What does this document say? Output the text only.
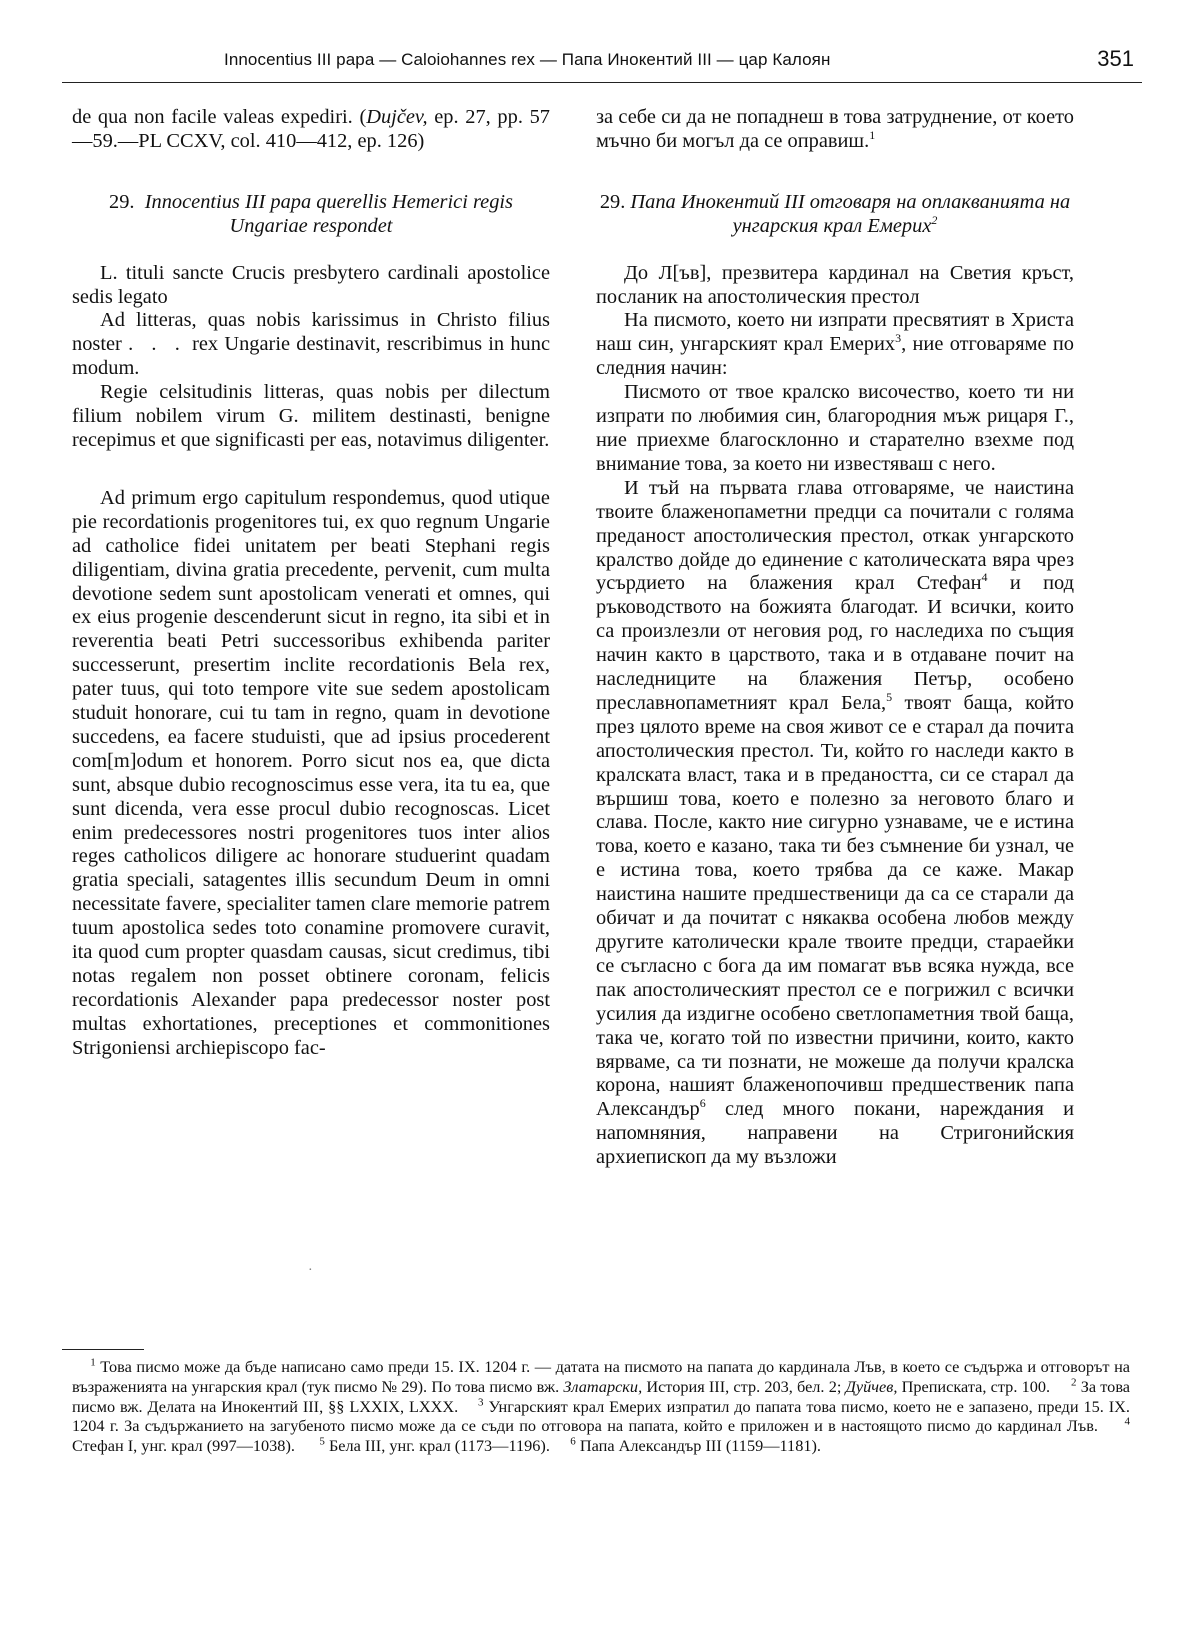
Innocentius III papa — Caloiohannes rex — Папа Инокентий III — цар Калоян	351

de qua non facile valeas expediri. (Dujčev, ep. 27, pp. 57—59.—PL CCXV, col. 410—412, ep. 126)

29. Innocentius III papa querellis Hemerici regis Ungariae respondet

L. tituli sancte Crucis presbytero cardinali apostolice sedis legato

Ad litteras, quas nobis karissimus in Christo filius noster . . . rex Ungarie destinavit, rescribimus in hunc modum.

Regie celsitudinis litteras, quas nobis per dilectum filium nobilem virum G. militem destinasti, benigne recepimus et que significasti per eas, notavimus diligenter.

Ad primum ergo capitulum respondemus, quod utique pie recordationis progenitores tui, ex quo regnum Ungarie ad catholice fidei unitatem per beati Stephani regis diligentiam, divina gratia precedente, pervenit, cum multa devotione sedem sunt apostolicam venerati et omnes, qui ex eius progenie descenderunt sicut in regno, ita sibi et in reverentia beati Petri successoribus exhibenda pariter successerunt, presertim inclite recordationis Bela rex, pater tuus, qui toto tempore vite sue sedem apostolicam studuit honorare, cui tu tam in regno, quam in devotione succedens, ea facere studuisti, que ad ipsius procederent com[m]odum et honorem. Porro sicut nos ea, que dicta sunt, absque dubio recognoscimus esse vera, ita tu ea, que sunt dicenda, vera esse procul dubio recognoscas. Licet enim predecessores nostri progenitores tuos inter alios reges catholicos diligere ac honorare studuerint quadam gratia speciali, satagentes illis secundum Deum in omni necessitate favere, specialiter tamen clare memorie patrem tuum apostolica sedes toto conamine promovere curavit, ita quod cum propter quasdam causas, sicut credimus, tibi notas regalem non posset obtinere coronam, felicis recordationis Alexander papa predecessor noster post multas exhortationes, preceptiones et commonitiones Strigoniensi archiepiscopo fac-

·

за себе си да не попаднеш в това затруднение, от което мъчно би могъл да се оправиш.$^1$

29. Папа Инокентий III отговаря на оплакванията на унгарския крал Емерих$^2$

До Л[ъв], презвитера кардинал на Светия кръст, посланик на апостолическия престол

На писмото, което ни изпрати пресвятият в Христа наш син, унгарският крал Емерих$^3$, ние отговаряме по следния начин:

Писмото от твое кралско височество, което ти ни изпрати по любимия син, благородния мъж рицаря Г., ние приехме благосклонно и старателно взехме под внимание това, за което ни известяваш с него.

И тъй на първата глава отговаряме, че наистина твоите блаженопаметни предци са почитали с голяма преданост апостолическия престол, откак унгарското кралство дойде до единение с католическата вяра чрез усърдието на блажения крал Стефан$^4$ и под ръководството на божията благодат. И всички, които са произлезли от неговия род, го наследиха по същия начин както в царството, така и в отдаване почит на наследниците на блажения Петър, особено преславнопаметният крал Бела,$^5$ твоят баща, който през цялото време на своя живот се е старал да почита апостолическия престол. Ти, който го наследи както в кралската власт, така и в предаността, си се старал да вършиш това, което е полезно за неговото благо и слава. После, както ние сигурно узнаваме, че е истина това, което е казано, така ти без съмнение би узнал, че е истина това, което трябва да се каже. Макар наистина нашите предшественици да са се старали да обичат и да почитат с някаква особена любов между другите католически крале твоите предци, стараейки се съгласно с бога да им помагат във всяка нужда, все пак апостолическият престол се е погрижил с всички усилия да издигне особено светлопаметния твой баща, така че, когато той по известни причини, които, както вярваме, са ти познати, не можеше да получи кралска корона, нашият блаженопочивш предшественик папа Александър$^6$ след много покани, нареждания и напомняния, направени на Стригонийския архиепископ да му възложи

$^1$ Това писмо може да бъде написано само преди 15. IX. 1204 г. — датата на писмото на папата до кардинала Лъв, в което се съдържа и отговорът на възраженията на унгарския крал (тук писмо № 29). По това писмо вж. Златарски, История III, стр. 203, бел. 2; Дуйчев, Преписката, стр. 100. $^2$ За това писмо вж. Делата на Инокентий III, §§ LXXIX, LXXX. $^3$ Унгарският крал Емерих изпратил до папата това писмо, което не е запазено, преди 15. IX. 1204 г. За съдържанието на загубеното писмо може да се съди по отговора на папата, който е приложен и в настоящото писмо до кардинал Лъв. $^4$ Стефан I, унг. крал (997—1038). $^5$ Бела III, унг. крал (1173—1196). $^6$ Папа Александър III (1159—1181).
